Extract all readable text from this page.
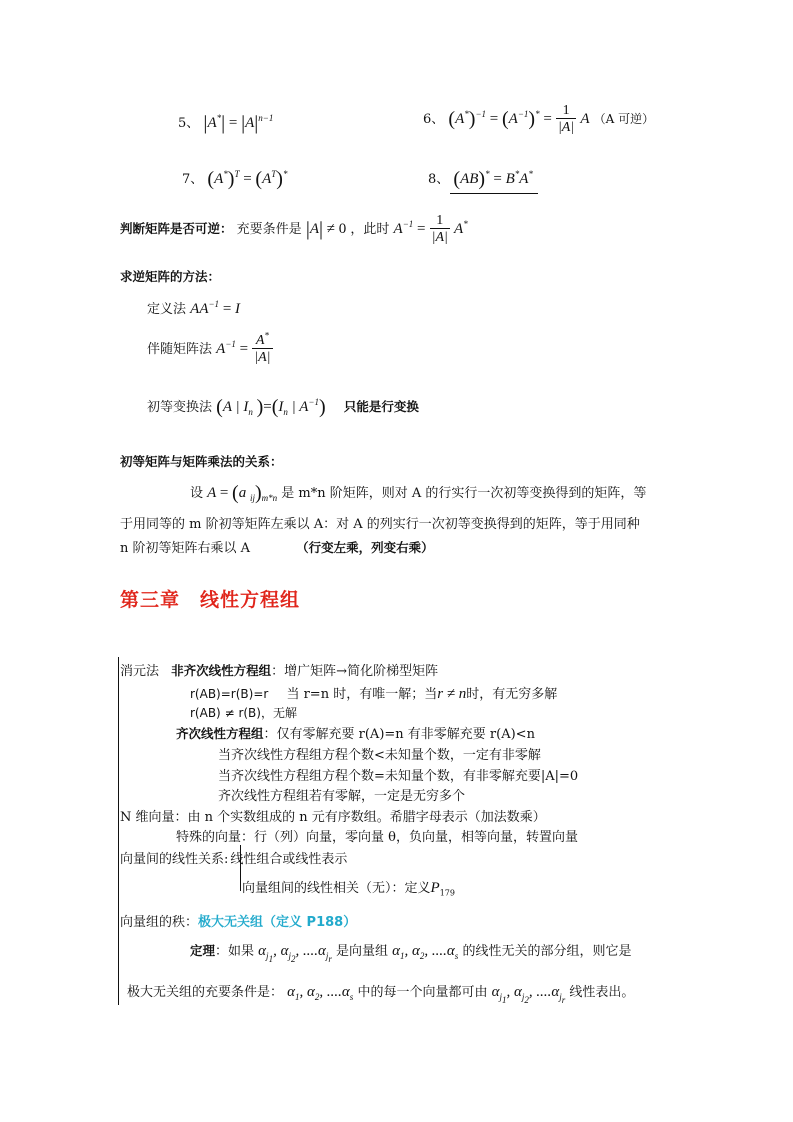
5、 $|A^*| = |A|^{n-1}$	6、 $(A^*)^{-1} = (A^{-1})^* = \frac{1}{|A|}$ A （A 可逆）
7、 $(A^*)^T = (A^T)^*$	8、 (AB)* = B*A*
判断矩阵是否可逆： 充要条件是 |A| ≠ 0 ，此时 $A^{-1} = \frac{1}{|A|} A^*$
求逆矩阵的方法：
定义法 $AA^{-1} = I$
伴随矩阵法 $A^{-1} = \frac{A^*}{|A|}$
初等变换法 (A | $I_n$ )$=(I_n$ | $A^{-1}$) 只能是行变换
初等矩阵与矩阵乘法的关系：
设 A = (a $_{ij})_{m*n}$ 是 m*n 阶矩阵，则对 A 的行实行一次初等变换得到的矩阵，等
于用同等的 m 阶初等矩阵左乘以 A：对 A 的列实行一次初等变换得到的矩阵，等于用同种
n 阶初等矩阵右乘以 A	（行变左乘，列变右乘）
第三章　线性方程组
消元法 非齐次线性方程组：增广矩阵→简化阶梯型矩阵
r(AB)=r(B)=r 当 r=n 时，有唯一解；当r ≠ n时，有无穷多解
r(AB) ≠ r(B)，无解
齐次线性方程组：仅有零解充要 r(A)=n 有非零解充要 r(A)<n
当齐次线性方程组方程个数<未知量个数，一定有非零解
当齐次线性方程组方程个数=未知量个数，有非零解充要|A|=0
齐次线性方程组若有零解，一定是无穷多个
N 维向量：由 n 个实数组成的 n 元有序数组。希腊字母表示（加法数乘）
特殊的向量：行（列）向量，零向量 θ，负向量，相等向量，转置向量
向量间的线性关系: 线性组合或线性表示
向量组间的线性相关（无）：定义$P_{179}$
向量组的秩：极大无关组（定义 P188）
定理：如果 $\alpha_{j_1}$, $\alpha_{j_2}$, $....\alpha_{j_r}$ 是向量组 $\alpha_1$, $\alpha_2$, $....\alpha_s$ 的线性无关的部分组，则它是
极大无关组的充要条件是： $\alpha_1$, $\alpha_2$, $....\alpha_s$ 中的每一个向量都可由 $\alpha_{j_1}$, $\alpha_{j_2}$, $....\alpha_{j_r}$ 线性表出。
